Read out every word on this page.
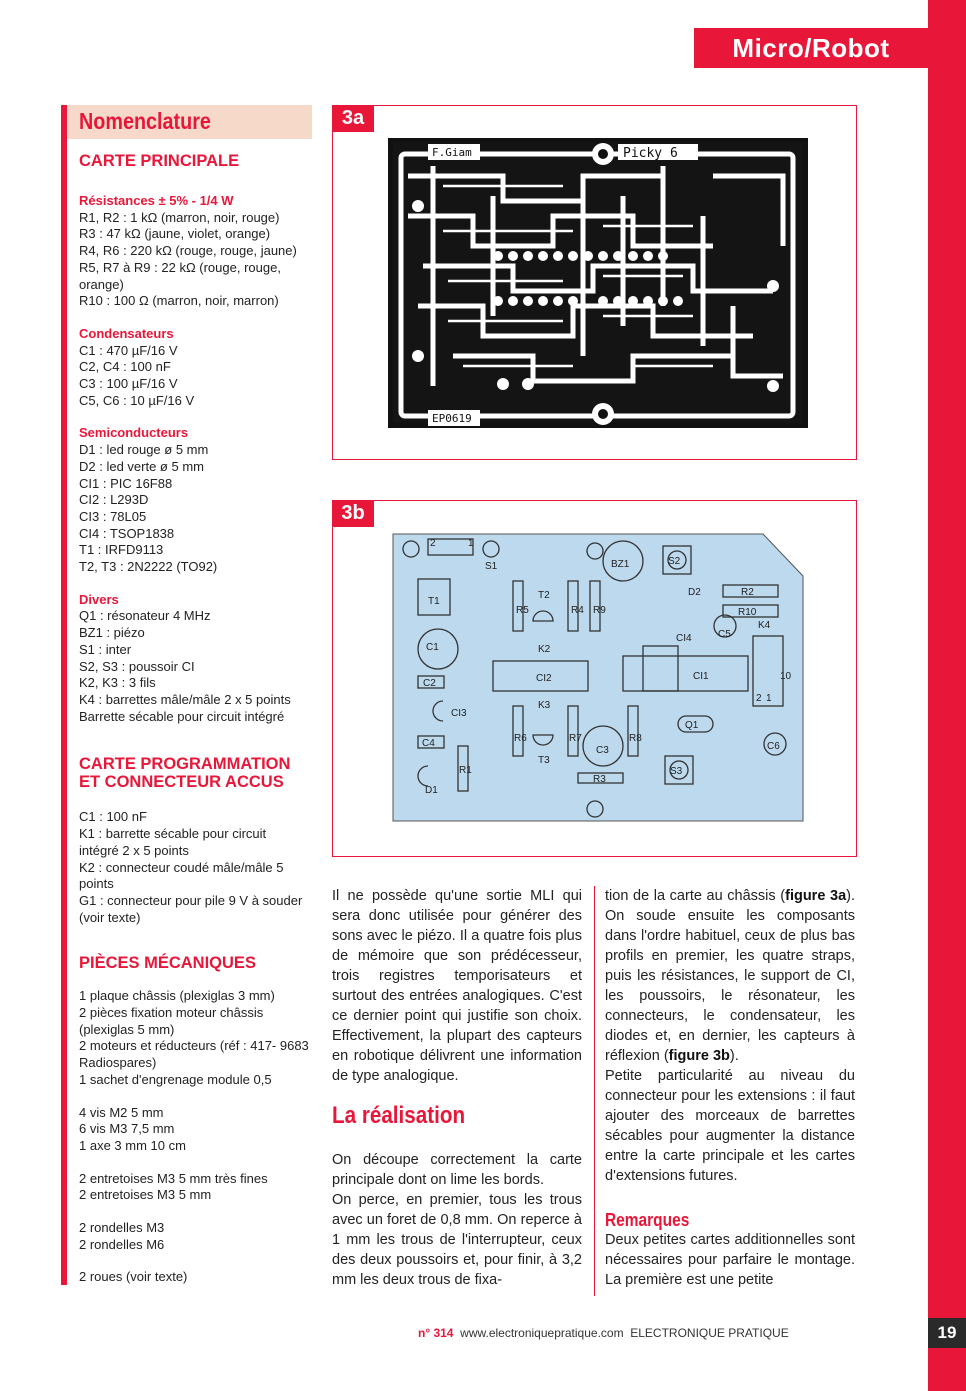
Micro/Robot
Nomenclature

CARTE PRINCIPALE

Résistances ± 5% - 1/4 W

R1, R2 : 1 kΩ (marron, noir, rouge)

R3 : 47 kΩ (jaune, violet, orange)

R4, R6 : 220 kΩ (rouge, rouge, jaune)

R5, R7 à R9 : 22 kΩ (rouge, rouge, orange)

R10 : 100 Ω (marron, noir, marron)

Condensateurs

C1 : 470 µF/16 V

C2, C4 : 100 nF

C3 : 100 µF/16 V

C5, C6 : 10 µF/16 V

Semiconducteurs

D1 : led rouge ø 5 mm

D2 : led verte ø 5 mm

CI1 : PIC 16F88

CI2 : L293D

CI3 : 78L05

CI4 : TSOP1838

T1 : IRFD9113

T2, T3 : 2N2222 (TO92)

Divers

Q1 : résonateur 4 MHz

BZ1 : piézo

S1 : inter

S2, S3 : poussoir CI

K2, K3 : 3 fils

K4 : barrettes mâle/mâle 2 x 5 points

Barrette sécable pour circuit intégré

CARTE PROGRAMMATION ET CONNECTEUR ACCUS

C1 : 100 nF

K1 : barrette sécable pour circuit intégré 2 x 5 points

K2 : connecteur coudé mâle/mâle 5 points

G1 : connecteur pour pile 9 V à souder (voir texte)

PIÈCES MÉCANIQUES

1 plaque châssis (plexiglas 3 mm)

2 pièces fixation moteur châssis (plexiglas 5 mm)

2 moteurs et réducteurs (réf : 417- 9683 Radiospares)

1 sachet d'engrenage module 0,5

4 vis M2 5 mm

6 vis M3 7,5 mm

1 axe 3 mm 10 cm

2 entretoises M3 5 mm très fines

2 entretoises M3 5 mm

2 rondelles M3

2 rondelles M6

2 roues (voir texte)

3a
F.Giam	Picky 6
EP0619
3b
S1
T1
T2
R5	R4 R9
BZ1	S2
D2	R2
R10
K4
C1	K2
CI4	C5
C2	CI2	CI1
CI3
K3
Q1
C4	R6	R7	R8
C3	C6
R1
T3
R3
S3
D1
2	1
10
2 1

Il ne possède qu'une sortie MLI qui sera donc utilisée pour générer des sons avec le piézo. Il a quatre fois plus de mémoire que son prédécesseur, trois registres temporisateurs et surtout des entrées analogiques. C'est ce dernier point qui justifie son choix. Effectivement, la plupart des capteurs en robotique délivrent une information de type analogique.

La réalisation

On découpe correctement la carte principale dont on lime les bords.

On perce, en premier, tous les trous avec un foret de 0,8 mm. On reperce à 1 mm les trous de l'interrupteur, ceux des deux poussoirs et, pour finir, à 3,2 mm les deux trous de fixa-

tion de la carte au châssis (figure 3a). On soude ensuite les composants dans l'ordre habituel, ceux de plus bas profils en premier, les quatre straps, puis les résistances, le support de CI, les poussoirs, le résonateur, les connecteurs, le condensateur, les diodes et, en dernier, les capteurs à réflexion (figure 3b).

Petite particularité au niveau du connecteur pour les extensions : il faut ajouter des morceaux de barrettes sécables pour augmenter la distance entre la carte principale et les cartes d'extensions futures.

Remarques

Deux petites cartes additionnelles sont nécessaires pour parfaire le montage. La première est une petite

n° 314 www.electroniquepratique.com ELECTRONIQUE PRATIQUE	19
